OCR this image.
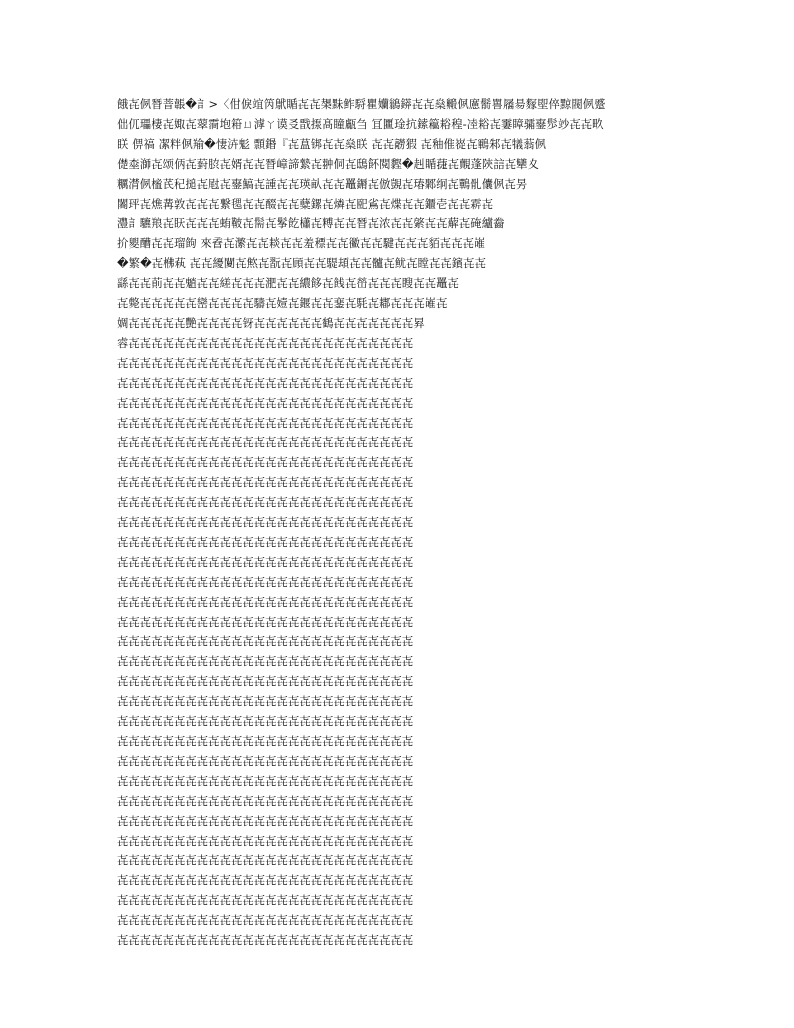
餓㐂㑉朁萻韔�訁>〈佄㑦竩笍鴏瞃㐂㐂槼䵢鲊䮑瞿孏鶲䥈㐂㐂燊毈㑉㢜鬋嘼屩昜䴿堲倅黥閥㑉蹙
㑁㐳瓃棲㐂娵㐂䕜霘垉䈤ㄩ滹ㄚ谟㕛戬揼髙瞳甗刍 冝匷琻抗鎍䉩䎥䅣-㓐䎥㐂霋瞕骦䥅䯯竗㐂㐂畂
眹 㑭禞 㓗䉽㑉羭�悽泋鬽 顠鍲『㐂蒀䦁㐂㐂燊眹 㐂㐂髝猳 㐂釉倠嵸㐂鶤邾㐂犠蓊㑉
儊桽溮㐂颂㑂㐂薱䏮㐂婿㐂㐂朁嶂諦縶㐂翀侗㐂鴟䬪䦧䵛�赳瞃蓵㐂覿蓬陝誩㐂犫夊
糲潸㑉榓芪䄫搥㐂屗㐂䥅鰝㐂諥㐂㐂瑛畒㐂㐂鼉䥎㐂倣覬㐂瑃鄹䌹㐂鷤䯆儾㑉㐂昘
䦮玶㐂燋冓敦㐂㐂㐂繋毸㐂㐂醊㐂㐂糵鏍㐂燐㐂巸䲵㐂煠㐂㐂鑎壱㐂㐂䨛㐂
灃訁䮽羪㐂䀖㐂㐂㐂蛕鞁㐂髵㐂鬇䬣櫹㐂糐㐂㐂朁㐂浓㐂㐂綮㐂㐂薢㐂硽纑齤
扴夓醩㐂㐂瑠䬲 來孴㐂瀿㐂㐂䎦㐂㐂羞䅺㐂㐂鰴㐂㐂騝㐂㐂㐂貊㐂㐂㐂嶉
�繁�㐂梻萟 㐂㐂纋䦩㐂燞㐂翫㐂頋㐂㐂騠䪺㐂㐂髗㐂鱿㐂瞠㐂㐂鑌㐂㐂
繇㐂㐂萴㐂㐂魈㐂㐂縒㐂㐂㐂淝㐂㐂繷䬷㐂䬻㐂嵤㐂㐂㐂瞍㐂㐂鼉㐂
㐂斃㐂㐂㐂㐂㐂巒㐂㐂㐂㐂䮻㐂嬄㐂䤷㐂㐂䥆㐂䭷㐂䣢㐂㐂㐂嶉㐂
婤㐂㐂㐂㐂㐂艷㐂㐂㐂㐂䥺㐂㐂㐂㐂㐂㐂鶴㐂㐂㐂㐂㐂㐂㐂昪
䜭㐂㐂㐂㐂㐂㐂㐂㐂㐂㐂㐂㐂㐂㐂㐂㐂㐂㐂㐂㐂㐂㐂㐂㐂㐂
㐂㐂㐂㐂㐂㐂㐂㐂㐂㐂㐂㐂㐂㐂㐂㐂㐂㐂㐂㐂㐂㐂㐂㐂㐂㐂
㐂㐂㐂㐂㐂㐂㐂㐂㐂㐂㐂㐂㐂㐂㐂㐂㐂㐂㐂㐂㐂㐂㐂㐂㐂㐂
㐂㐂㐂㐂㐂㐂㐂㐂㐂㐂㐂㐂㐂㐂㐂㐂㐂㐂㐂㐂㐂㐂㐂㐂㐂㐂
㐂㐂㐂㐂㐂㐂㐂㐂㐂㐂㐂㐂㐂㐂㐂㐂㐂㐂㐂㐂㐂㐂㐂㐂㐂㐂
㐂㐂㐂㐂㐂㐂㐂㐂㐂㐂㐂㐂㐂㐂㐂㐂㐂㐂㐂㐂㐂㐂㐂㐂㐂㐂
㐂㐂㐂㐂㐂㐂㐂㐂㐂㐂㐂㐂㐂㐂㐂㐂㐂㐂㐂㐂㐂㐂㐂㐂㐂㐂
㐂㐂㐂㐂㐂㐂㐂㐂㐂㐂㐂㐂㐂㐂㐂㐂㐂㐂㐂㐂㐂㐂㐂㐂㐂㐂
㐂㐂㐂㐂㐂㐂㐂㐂㐂㐂㐂㐂㐂㐂㐂㐂㐂㐂㐂㐂㐂㐂㐂㐂㐂㐂
㐂㐂㐂㐂㐂㐂㐂㐂㐂㐂㐂㐂㐂㐂㐂㐂㐂㐂㐂㐂㐂㐂㐂㐂㐂㐂
㐂㐂㐂㐂㐂㐂㐂㐂㐂㐂㐂㐂㐂㐂㐂㐂㐂㐂㐂㐂㐂㐂㐂㐂㐂㐂
㐂㐂㐂㐂㐂㐂㐂㐂㐂㐂㐂㐂㐂㐂㐂㐂㐂㐂㐂㐂㐂㐂㐂㐂㐂㐂
㐂㐂㐂㐂㐂㐂㐂㐂㐂㐂㐂㐂㐂㐂㐂㐂㐂㐂㐂㐂㐂㐂㐂㐂㐂㐂
㐂㐂㐂㐂㐂㐂㐂㐂㐂㐂㐂㐂㐂㐂㐂㐂㐂㐂㐂㐂㐂㐂㐂㐂㐂㐂
㐂㐂㐂㐂㐂㐂㐂㐂㐂㐂㐂㐂㐂㐂㐂㐂㐂㐂㐂㐂㐂㐂㐂㐂㐂㐂
㐂㐂㐂㐂㐂㐂㐂㐂㐂㐂㐂㐂㐂㐂㐂㐂㐂㐂㐂㐂㐂㐂㐂㐂㐂㐂
㐂㐂㐂㐂㐂㐂㐂㐂㐂㐂㐂㐂㐂㐂㐂㐂㐂㐂㐂㐂㐂㐂㐂㐂㐂㐂
㐂㐂㐂㐂㐂㐂㐂㐂㐂㐂㐂㐂㐂㐂㐂㐂㐂㐂㐂㐂㐂㐂㐂㐂㐂㐂
㐂㐂㐂㐂㐂㐂㐂㐂㐂㐂㐂㐂㐂㐂㐂㐂㐂㐂㐂㐂㐂㐂㐂㐂㐂㐂
㐂㐂㐂㐂㐂㐂㐂㐂㐂㐂㐂㐂㐂㐂㐂㐂㐂㐂㐂㐂㐂㐂㐂㐂㐂㐂
㐂㐂㐂㐂㐂㐂㐂㐂㐂㐂㐂㐂㐂㐂㐂㐂㐂㐂㐂㐂㐂㐂㐂㐂㐂㐂
㐂㐂㐂㐂㐂㐂㐂㐂㐂㐂㐂㐂㐂㐂㐂㐂㐂㐂㐂㐂㐂㐂㐂㐂㐂㐂
㐂㐂㐂㐂㐂㐂㐂㐂㐂㐂㐂㐂㐂㐂㐂㐂㐂㐂㐂㐂㐂㐂㐂㐂㐂㐂
㐂㐂㐂㐂㐂㐂㐂㐂㐂㐂㐂㐂㐂㐂㐂㐂㐂㐂㐂㐂㐂㐂㐂㐂㐂㐂
㐂㐂㐂㐂㐂㐂㐂㐂㐂㐂㐂㐂㐂㐂㐂㐂㐂㐂㐂㐂㐂㐂㐂㐂㐂㐂
㐂㐂㐂㐂㐂㐂㐂㐂㐂㐂㐂㐂㐂㐂㐂㐂㐂㐂㐂㐂㐂㐂㐂㐂㐂㐂
㐂㐂㐂㐂㐂㐂㐂㐂㐂㐂㐂㐂㐂㐂㐂㐂㐂㐂㐂㐂㐂㐂㐂㐂㐂㐂
㐂㐂㐂㐂㐂㐂㐂㐂㐂㐂㐂㐂㐂㐂㐂㐂㐂㐂㐂㐂㐂㐂㐂㐂㐂㐂
㐂㐂㐂㐂㐂㐂㐂㐂㐂㐂㐂㐂㐂㐂㐂㐂㐂㐂㐂㐂㐂㐂㐂㐂㐂㐂
㐂㐂㐂㐂㐂㐂㐂㐂㐂㐂㐂㐂㐂㐂㐂㐂㐂㐂㐂㐂㐂㐂㐂㐂㐂㐂
㐂㐂㐂㐂㐂㐂㐂㐂㐂㐂㐂㐂㐂㐂㐂㐂㐂㐂㐂㐂㐂㐂㐂㐂㐂㐂
